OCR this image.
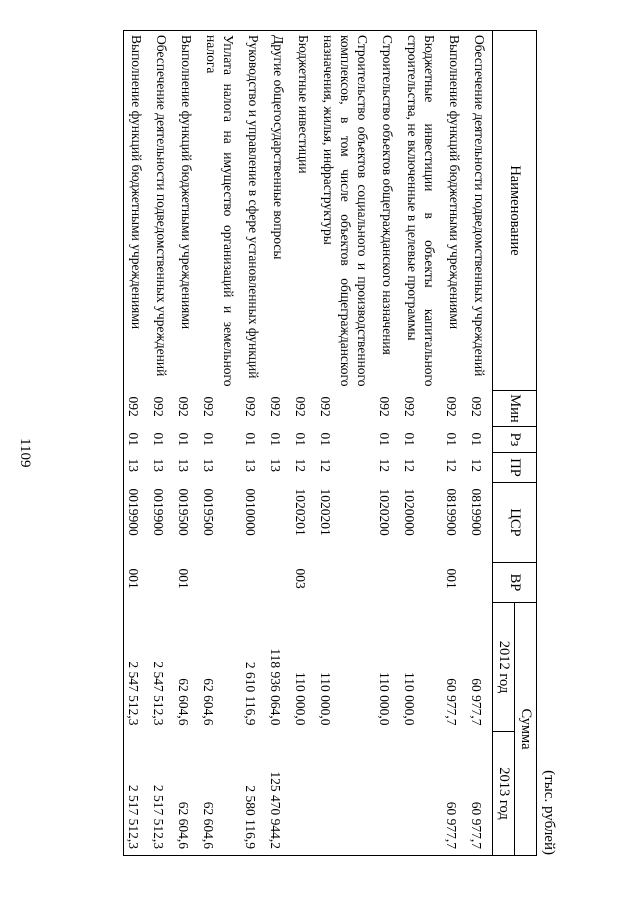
1109
(тыс. рублей)
Наименование	Мин	Рз	ПР	ЦСР	ВР	Сумма	
						2012 год	2013 год
Обеспечение деятельности подведомственных учреждений	092	01	12	0819900		60 977,7	60 977,7
Выполнение функций бюджетными учреждениями	092	01	12	0819900	001	60 977,7	60 977,7
Бюджетные инвестиции в объекты капитального строительства, не включенные в целевые программы	092	01	12	1020000		110 000,0	
Строительство объектов общегражданского назначения	092	01	12	1020200		110 000,0	
Строительство объектов социального и производственного комплексов, в том числе объектов общегражданского назначения, жилья, инфраструктуры	092	01	12	1020201		110 000,0	
Бюджетные инвестиции	092	01	12	1020201	003	110 000,0	
Другие общегосударственные вопросы	092	01	13			118 936 064,0	125 470 944,2
Руководство и управление в сфере установленных функций	092	01	13	0010000		2 610 116,9	2 580 116,9
Уплата налога на имущество организаций и земельного налога	092	01	13	0019500		62 604,6	62 604,6
Выполнение функций бюджетными учреждениями	092	01	13	0019500	001	62 604,6	62 604,6
Обеспечение деятельности подведомственных учреждений	092	01	13	0019900		2 547 512,3	2 517 512,3
Выполнение функций бюджетными учреждениями	092	01	13	0019900	001	2 547 512,3	2 517 512,3
